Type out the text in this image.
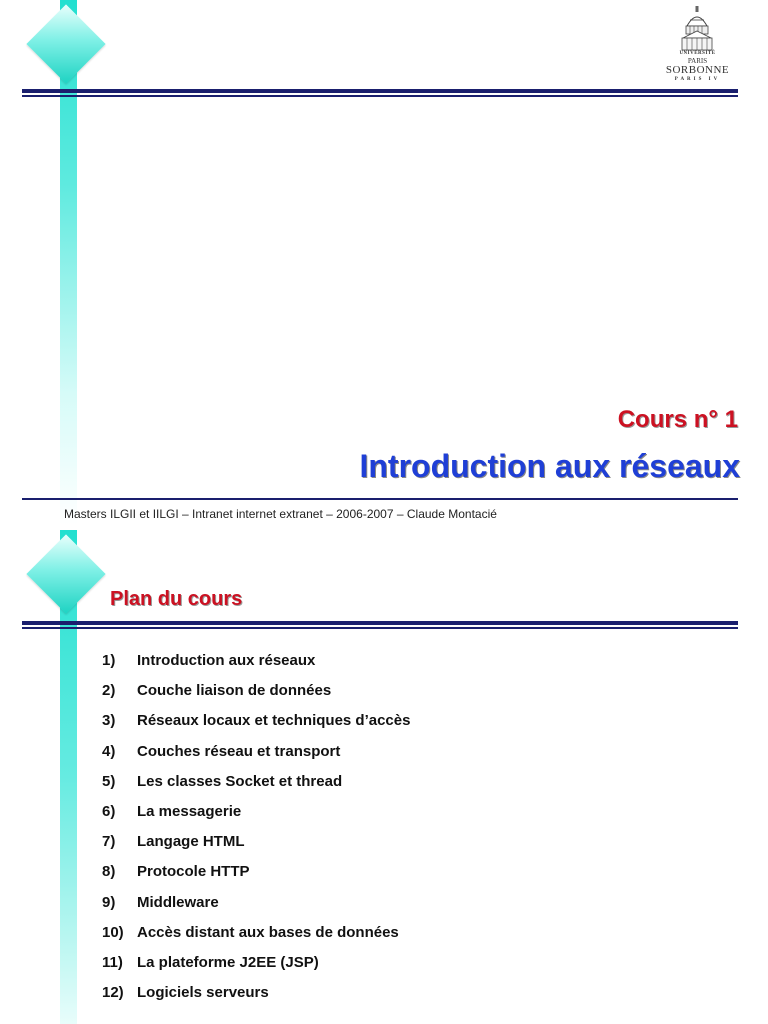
UNIVERSITÉ
PARIS
SORBONNE
PARIS IV
Cours n° 1
Introduction aux réseaux
Masters ILGII et IILGI – Intranet internet extranet – 2006-2007 – Claude Montacié
Plan du cours
1) Introduction aux réseaux
2) Couche liaison de données
3) Réseaux locaux et techniques d’accès
4) Couches réseau et transport
5) Les classes Socket et thread
6) La messagerie
7) Langage HTML
8) Protocole HTTP
9) Middleware
10) Accès distant aux bases de données
11) La plateforme J2EE (JSP)
12) Logiciels serveurs
